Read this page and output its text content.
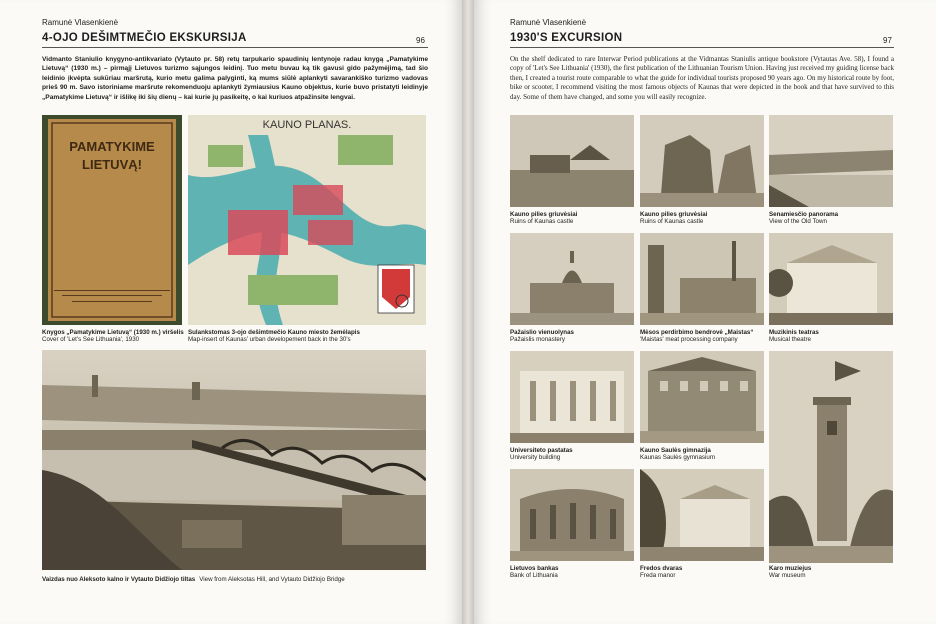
Ramunė Vlasenkienė
4-OJO DEŠIMTMEČIO EKSKURSIJA	96

Vidmanto Staniulio knygyno-antikvariato (Vytauto pr. 58) retų tarpukario spaudinių lentynoje radau knygą „Pamatykime Lietuvą“ (1930 m.) – pirmąjį Lietuvos turizmo sąjungos leidinį. Tuo metu buvau ką tik gavusi gido pažymėjimą, tad šio leidinio įkvėpta sukūriau maršrutą, kurio metu galima palyginti, ką mums siūlė aplankyti savarankiško turizmo vadovas prieš 90 m. Savo istoriniame maršrute rekomenduoju aplankyti žymiausius Kauno objektus, kurie buvo pristatyti leidinyje „Pamatykime Lietuvą“ ir išlikę iki šių dienų – kai kurie jų pasikeitę, o kai kuriuos atpažinsite lengvai.

PAMATYKIME
LIETUVĄ!
KAUNO PLANAS.
Knygos „Pamatykime Lietuvą“ (1930 m.) viršelis
Cover of 'Let's See Lithuania', 1930
Sulankstomas 3-ojo dešimtmečio Kauno miesto žemėlapis
Map-insert of Kaunas' urban developement back in the 30's
Vaizdas nuo Aleksoto kalno ir Vytauto Didžiojo tiltas View from Aleksotas Hill, and Vytauto Didžiojo Bridge
Ramunė Vlasenkienė
1930'S EXCURSION	97

On the shelf dedicated to rare Interwar Period publications at the Vidmantas Staniulis antique bookstore (Vytautas Ave. 58), I found a copy of 'Let's See Lithuania' (1930), the first publication of the Lithuanian Tourism Union. Having just received my guiding license back then, I created a tourist route comparable to what the guide for individual tourists proposed 90 years ago. On my historical route by foot, bike or scooter, I recommend visiting the most famous objects of Kaunas that were depicted in the book and that have survived to this day. Some of them have changed, and some you will easily recognize.

Kauno pilies griuvėsiai
Ruins of Kaunas castle
Kauno pilies griuvėsiai
Ruins of Kaunas castle
Senamiesčio panorama
View of the Old Town
Pažaislio vienuolynas
Pažaislis monastery
Mėsos perdirbimo bendrovė „Maistas“
'Maistas' meat processing company
Muzikinis teatras
Musical theatre
Universiteto pastatas
University building
Kauno Saulės gimnazija
Kaunas Saulės gymnasium
Lietuvos bankas
Bank of Lithuania
Fredos dvaras
Freda manor
Karo muziejus
War museum
